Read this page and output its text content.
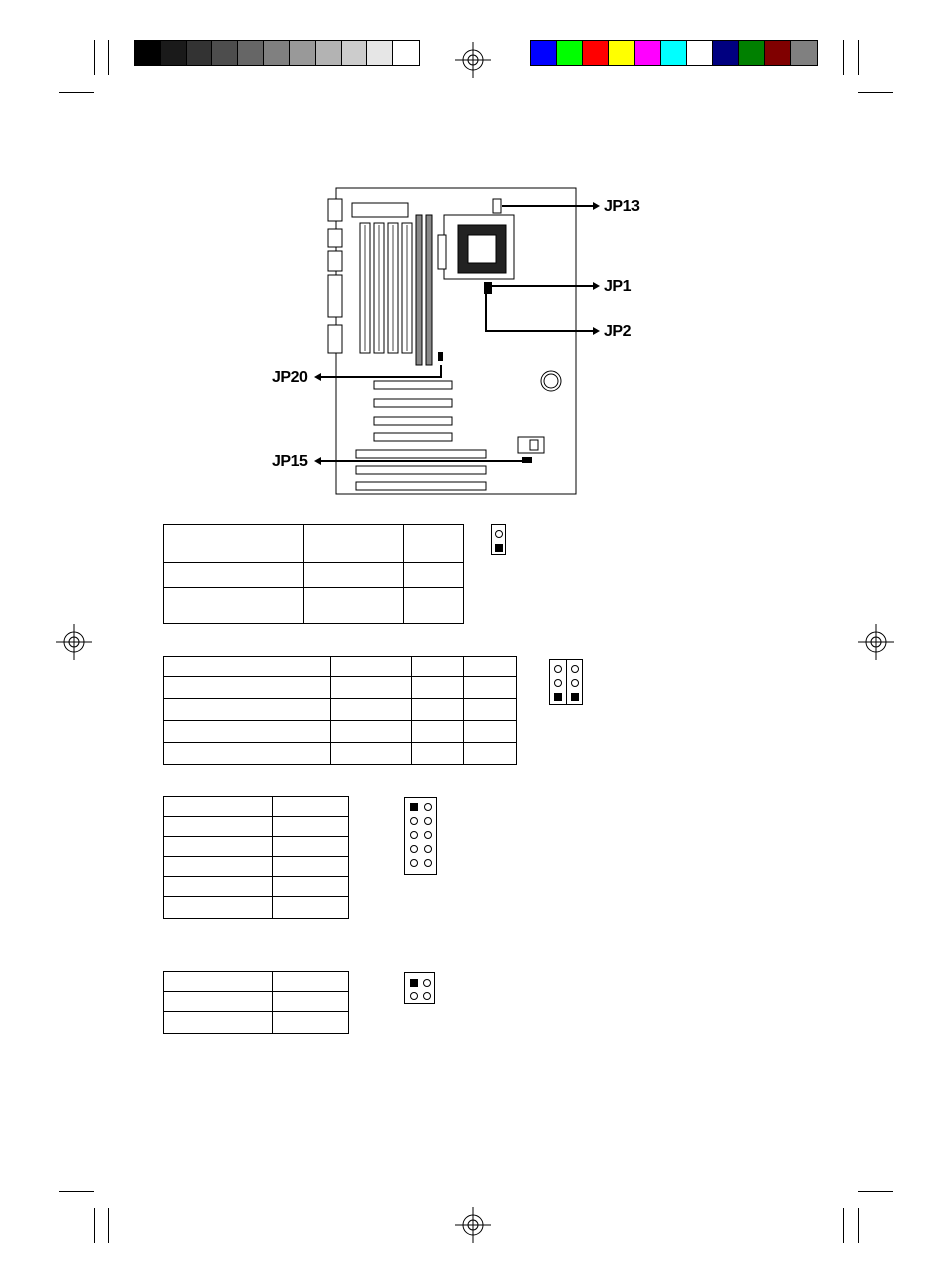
JP13
JP1
JP2
JP20
JP15
